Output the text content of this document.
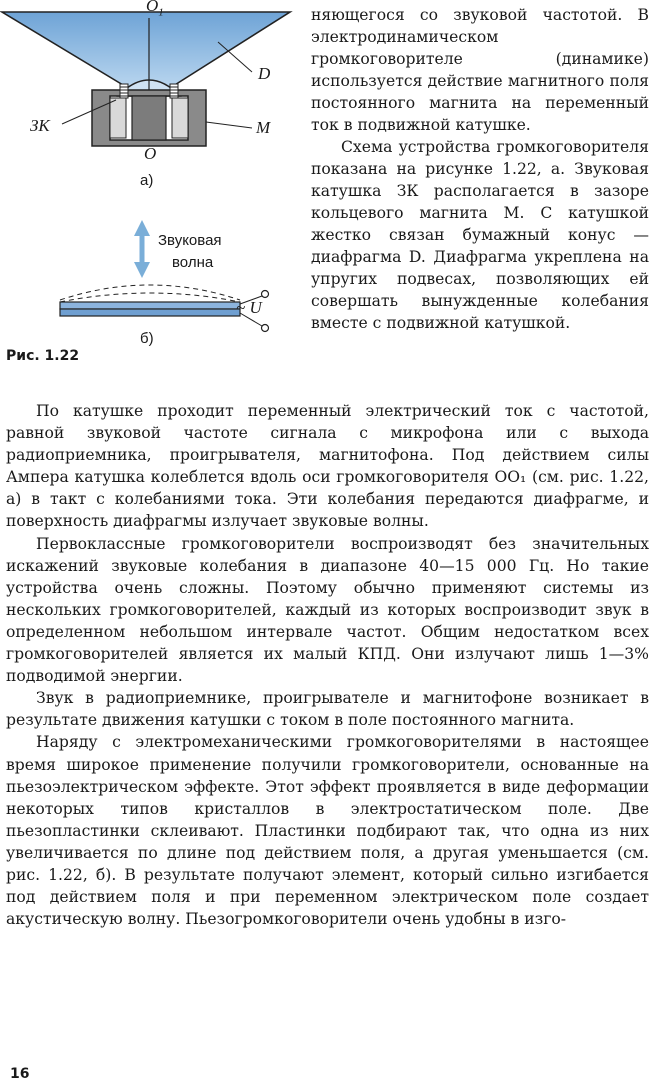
$O_1$
D
M
ЗК
O
а)
Звуковая
волна
~ U
б)
Рис. 1.22

няющегося со звуковой частотой. В электродинамическом громкоговорителе (динамике) используется действие магнитного поля постоянного магнита на переменный ток в подвижной катушке.

Схема устройства громкоговорителя показана на рисунке 1.22, а. Звуковая катушка ЗК располагается в зазоре кольцевого магнита M. С катушкой жестко связан бумажный конус — диафрагма D. Диафрагма укреплена на упругих подвесах, позволяющих ей совершать вынужденные колебания вместе с подвижной катушкой.

По катушке проходит переменный электрический ток с частотой, равной звуковой частоте сигнала с микрофона или с выхода радиоприемника, проигрывателя, магнитофона. Под действием силы Ампера катушка колеблется вдоль оси громкоговорителя OO₁ (см. рис. 1.22, а) в такт с колебаниями тока. Эти колебания передаются диафрагме, и поверхность диафрагмы излучает звуковые волны.

Первоклассные громкоговорители воспроизводят без значительных искажений звуковые колебания в диапазоне 40—15 000 Гц. Но такие устройства очень сложны. Поэтому обычно применяют системы из нескольких громкоговорителей, каждый из которых воспроизводит звук в определенном небольшом интервале частот. Общим недостатком всех громкоговорителей является их малый КПД. Они излучают лишь 1—3% подводимой энергии.

Звук в радиоприемнике, проигрывателе и магнитофоне возникает в результате движения катушки с током в поле постоянного магнита.

Наряду с электромеханическими громкоговорителями в настоящее время широкое применение получили громкоговорители, основанные на пьезоэлектрическом эффекте. Этот эффект проявляется в виде деформации некоторых типов кристаллов в электростатическом поле. Две пьезопластинки склеивают. Пластинки подбирают так, что одна из них увеличивается по длине под действием поля, а другая уменьшается (см. рис. 1.22, б). В результате получают элемент, который сильно изгибается под действием поля и при переменном электрическом поле создает акустическую волну. Пьезогромкоговорители очень удобны в изго-

16
